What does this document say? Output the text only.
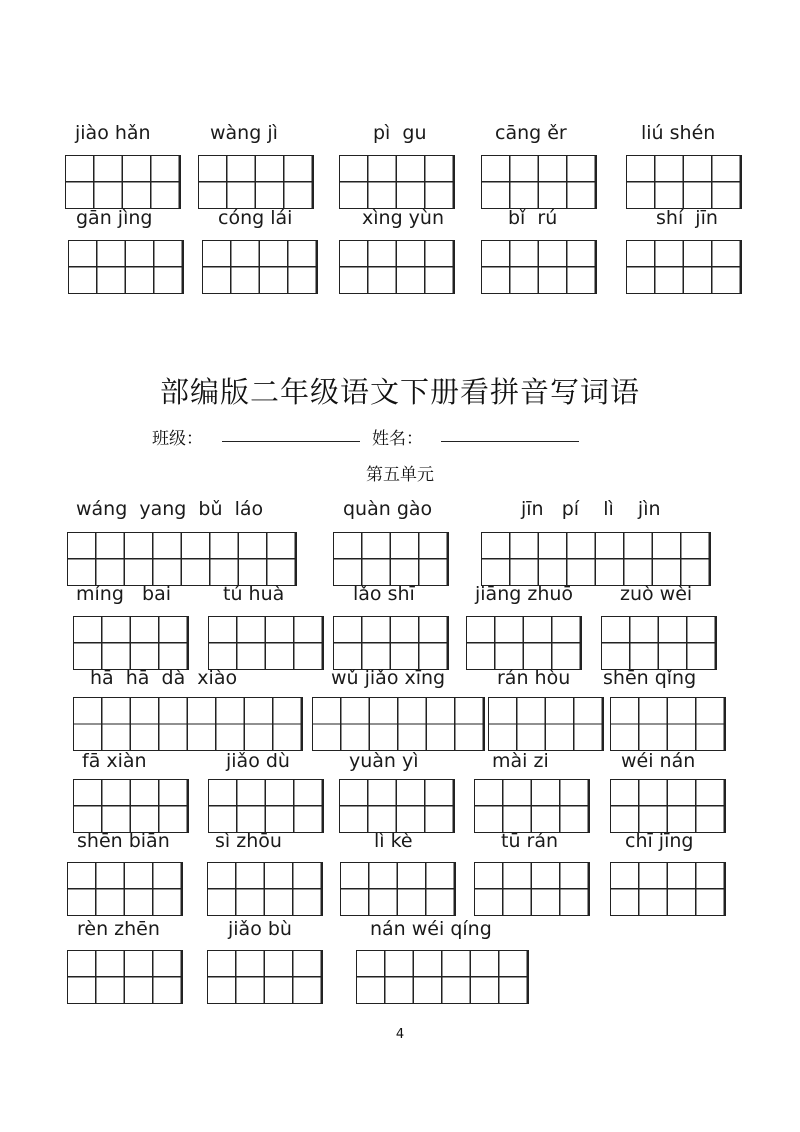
部编版二年级语文下册看拼音写词语
班级：	姓名：
第五单元
4
jiào hǎn	wàng jì	pì  gu	cāng ěr	liú shén
gān jìng	cóng lái	xìng yùn	bǐ  rú	shí  jīn
wáng  yang  bǔ  láo	quàn gào	jīn   pí    lì    jìn
míng   bai	tú huà	lǎo shī	jiāng zhuō zuò wèi
hā  hā  dà  xiào	wǔ jiǎo xīng	rán hòu shēn qǐng
fā xiàn	jiǎo dù	yuàn yì	mài zi	wéi nán
shēn biān sì zhōu	lì kè	tū rán	chī jīng
rèn zhēn	jiǎo bù	nán wéi qíng
